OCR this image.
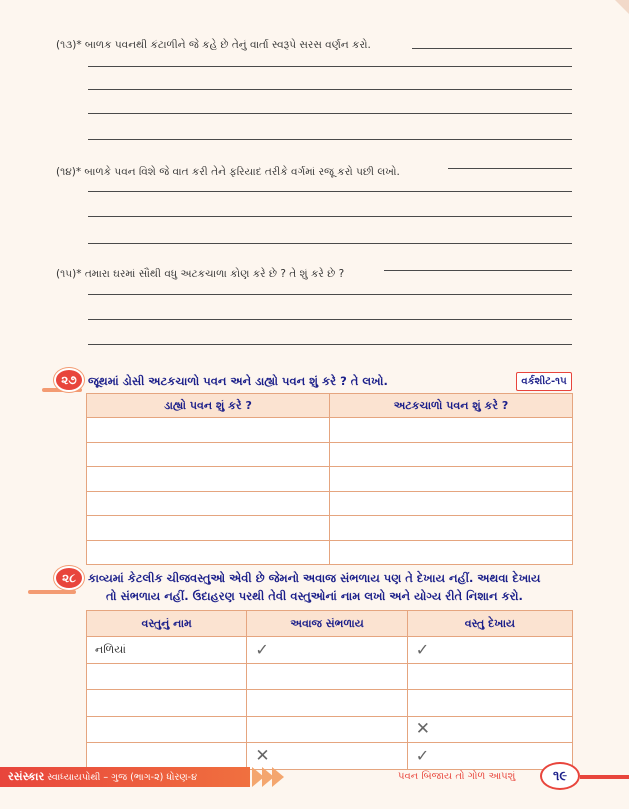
(૧૩)* બાળક પવનથી કંટાળીને જે કહે છે તેનું વાર્તા સ્વરૂપે સરસ વર્ણન કરો.
(૧૪)* બાળકે પવન વિશે જે વાત કરી તેને ફરિયાદ તરીકે વર્ગમાં રજૂ કરો પછી લખો.
(૧૫)* તમારા ઘરમાં સૌથી વધુ અટકચાળા કોણ કરે છે ? તે શું કરે છે ?
૨૭ જૂથમાં ડોસી અટકચાળો પવન અને ડાહ્યો પવન શું કરે ? તે લખો.	વર્કશીટ-૧૫
ડાહ્યો પવન શું કરે ?	અટકચાળો પવન શું કરે ?

૨૮	કાવ્યમાં કેટલીક ચીજવસ્તુઓ એવી છે જેમનો અવાજ સંભળાય પણ તે દેખાય નહીં. અથવા દેખાય
તો સંભળાય નહીં. ઉદાહરણ પરથી તેવી વસ્તુઓનાં નામ લખો અને યોગ્ય રીતે નિશાન કરો.
વસ્તુનું નામ	અવાજ સંભળાય	વસ્તુ દેખાય
નળિયાં	✓	✓

		✕
	✕	✓
રસંસ્કાર સ્વાધ્યાયપોથી – ગુજ (ભાગ-૨) ધોરણ-૪	પવન બિજાય તો ગોળ આપશું	૧૯
